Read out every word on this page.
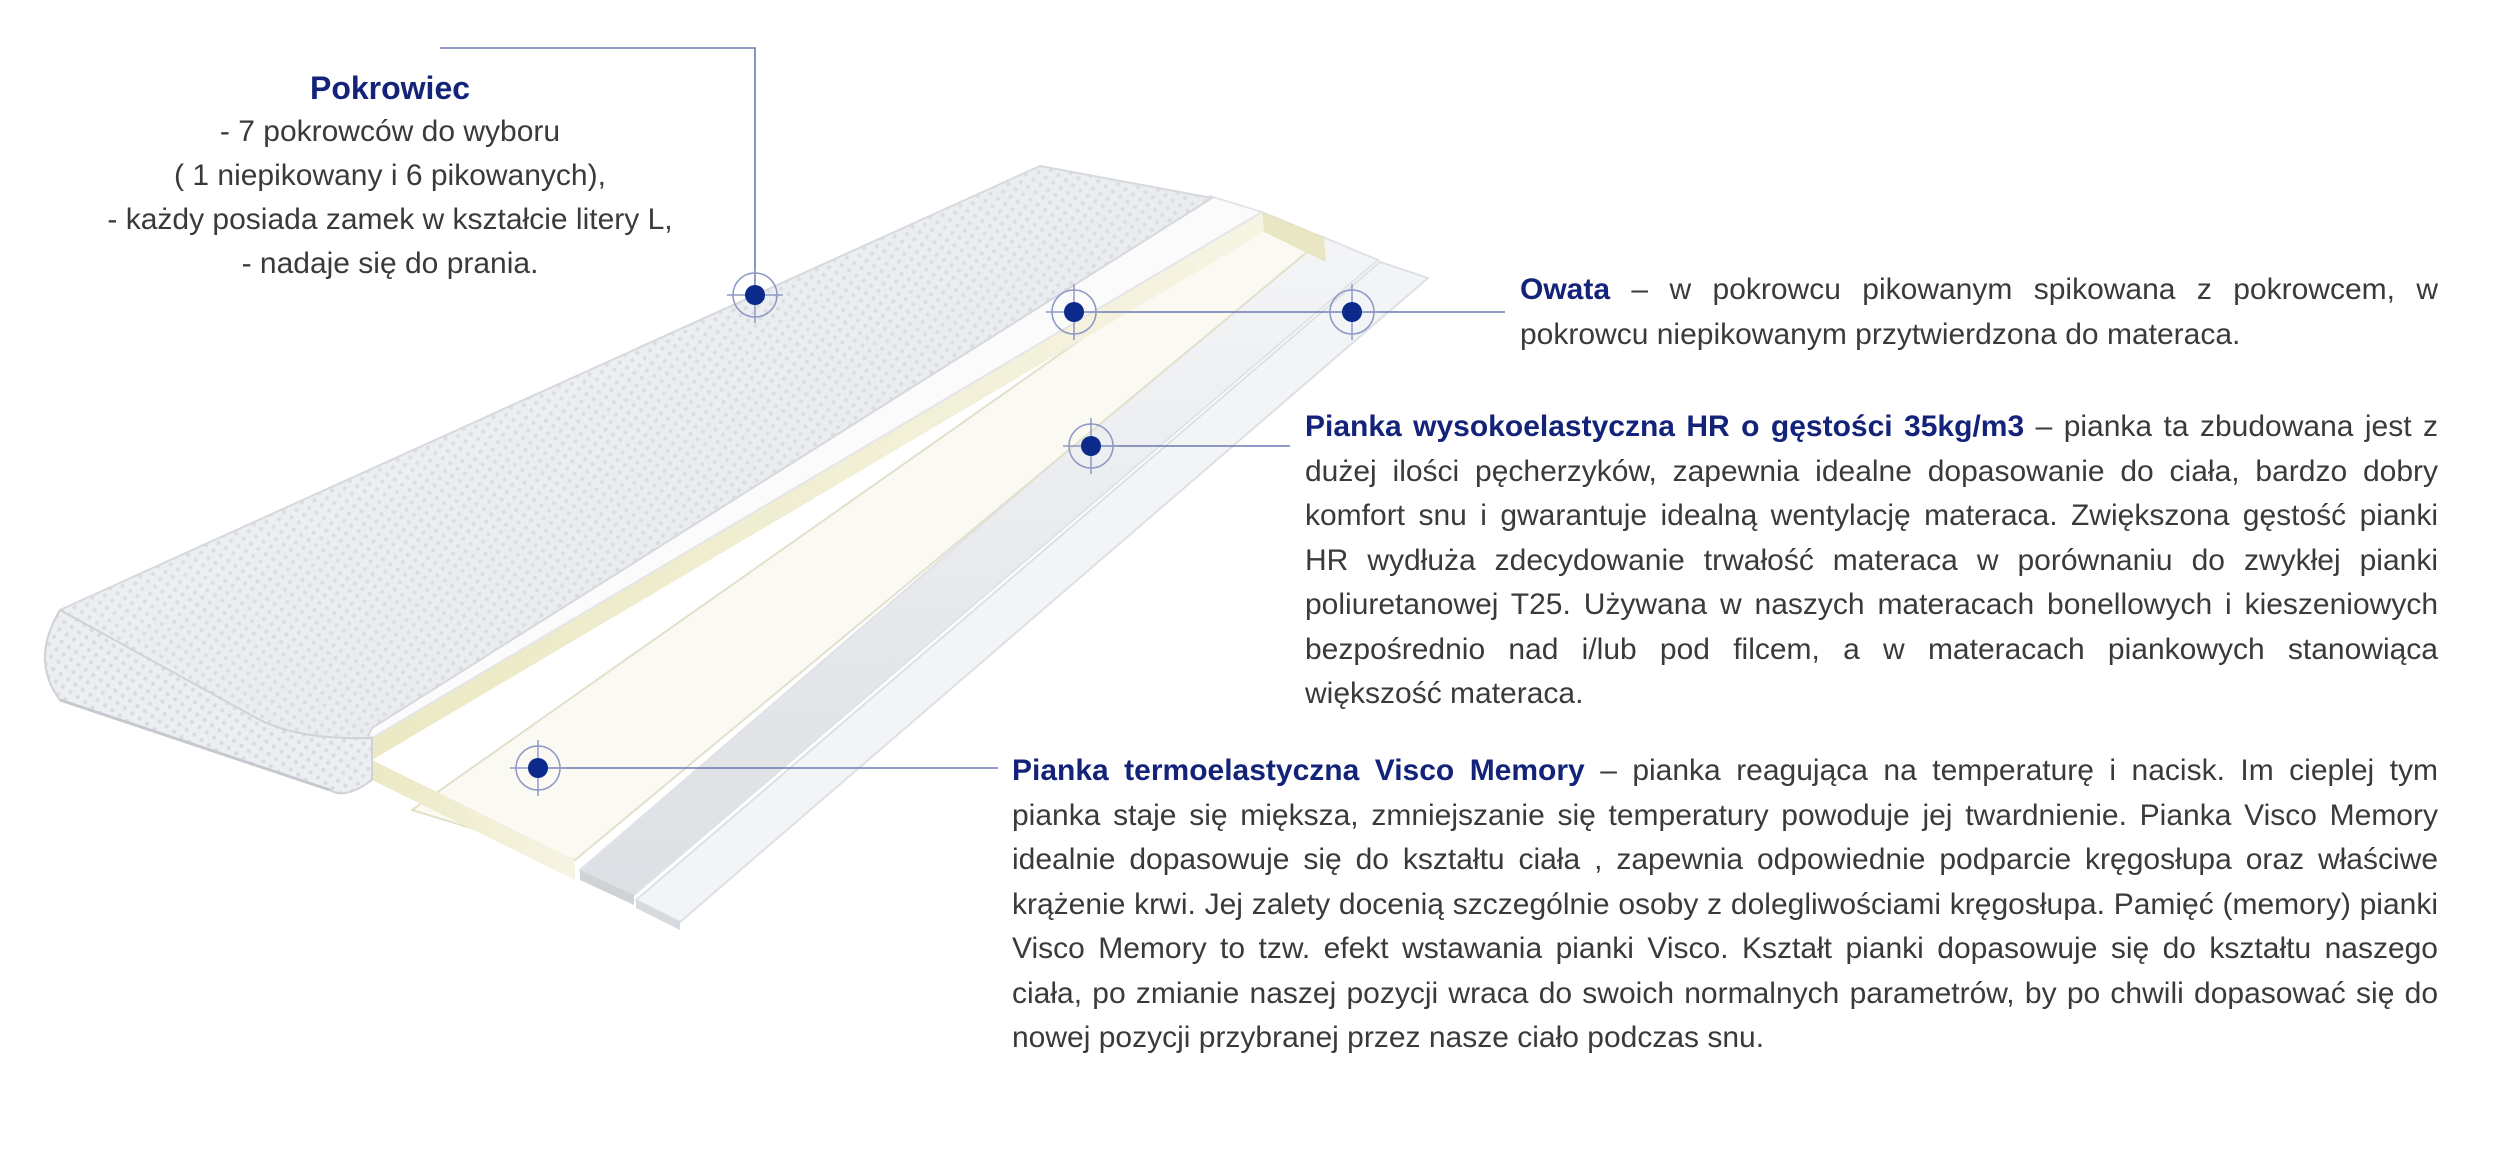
Pokrowiec
- 7 pokrowców do wyboru
( 1 niepikowany i 6 pikowanych),
- każdy posiada zamek w kształcie litery L,
- nadaje się do prania.

Owata – w pokrowcu pikowanym spikowana z pokrowcem, w pokrowcu niepikowanym przytwierdzona do materaca.

Pianka wysokoelastyczna HR o gęstości 35kg/m3 – pianka ta zbudowana jest z dużej ilości pęcherzyków, zapewnia idealne dopasowanie do ciała, bardzo dobry komfort snu i gwarantuje idealną wentylację materaca. Zwiększona gęstość pianki HR wydłuża zdecydowanie trwałość materaca w porównaniu do zwykłej pianki poliuretanowej T25. Używana w naszych materacach bonellowych i kieszeniowych bezpośrednio nad i/lub pod filcem, a w materacach piankowych stanowiąca większość materaca.

Pianka termoelastyczna Visco Memory – pianka reagująca na temperaturę i nacisk. Im cieplej tym pianka staje się miększa, zmniejszanie się temperatury powoduje jej twardnienie. Pianka Visco Memory idealnie dopasowuje się do kształtu ciała , zapewnia odpowiednie podparcie kręgosłupa oraz właściwe krążenie krwi. Jej zalety docenią szczególnie osoby z dolegliwościami kręgosłupa. Pamięć (memory) pianki Visco Memory to tzw. efekt wstawania pianki Visco. Kształt pianki dopasowuje się do kształtu naszego ciała, po zmianie naszej pozycji wraca do swoich normalnych parametrów, by po chwili dopasować się do nowej pozycji przybranej przez nasze ciało podczas snu.
